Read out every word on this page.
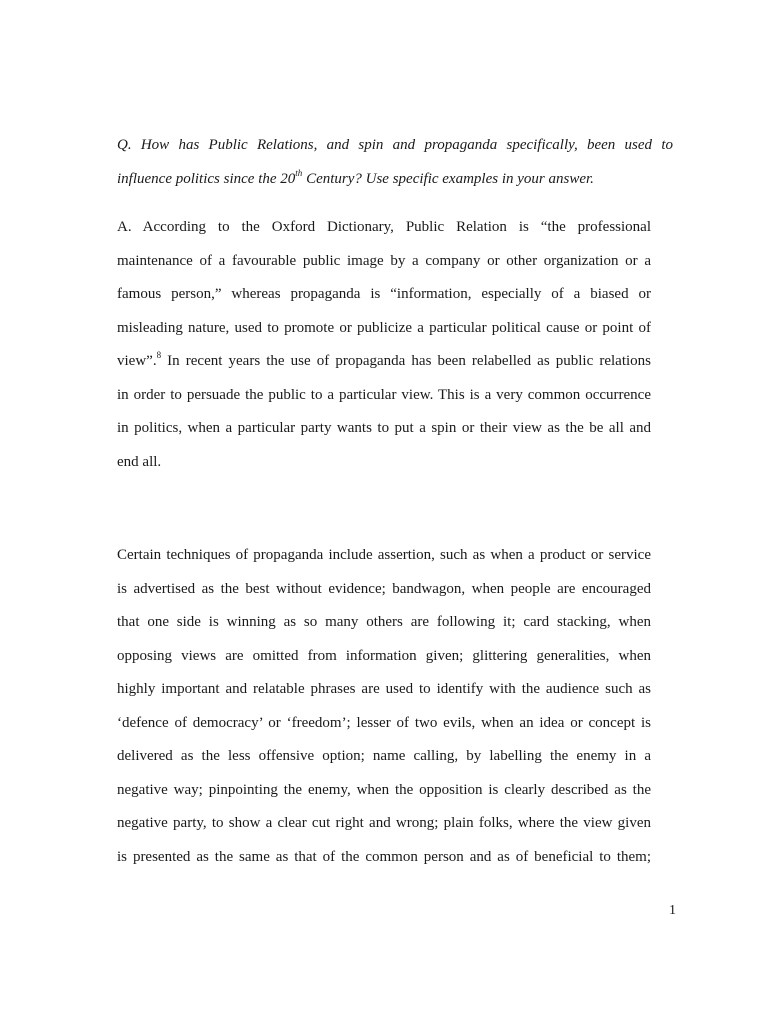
Q. How has Public Relations, and spin and propaganda specifically, been used to
influence politics since the 20th Century? Use specific examples in your answer.
A. According to the Oxford Dictionary, Public Relation is “the professional
maintenance of a favourable public image by a company or other organization or a
famous person,” whereas propaganda is “information, especially of a biased or
misleading nature, used to promote or publicize a particular political cause or point of
view”.$^8$ In recent years the use of propaganda has been relabelled as public relations
in order to persuade the public to a particular view. This is a very common occurrence
in politics, when a particular party wants to put a spin or their view as the be all and
end all.
Certain techniques of propaganda include assertion, such as when a product or service
is advertised as the best without evidence; bandwagon, when people are encouraged
that one side is winning as so many others are following it; card stacking, when
opposing views are omitted from information given; glittering generalities, when
highly important and relatable phrases are used to identify with the audience such as
‘defence of democracy’ or ‘freedom’; lesser of two evils, when an idea or concept is
delivered as the less offensive option; name calling, by labelling the enemy in a
negative way; pinpointing the enemy, when the opposition is clearly described as the
negative party, to show a clear cut right and wrong; plain folks, where the view given
is presented as the same as that of the common person and as of beneficial to them;
1
